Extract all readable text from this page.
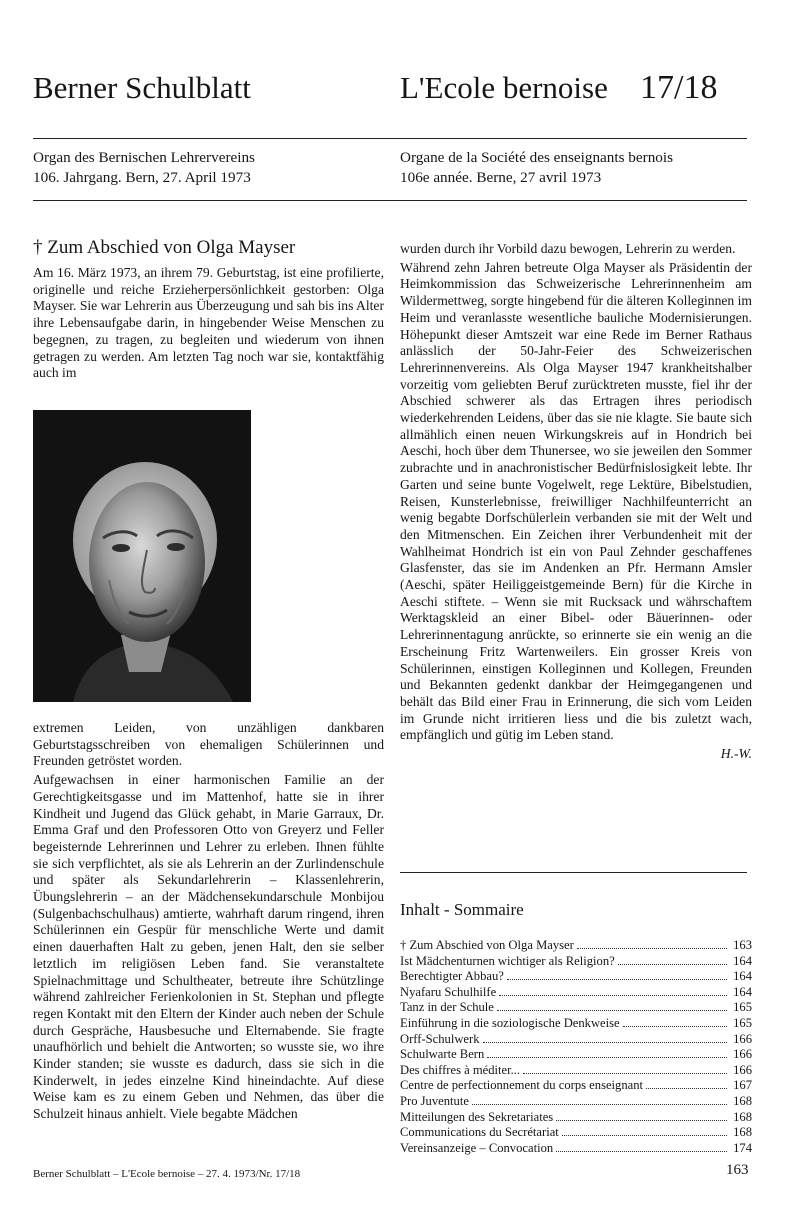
Berner Schulblatt	L'Ecole bernoise 17/18
Organ des Bernischen Lehrervereins
106. Jahrgang. Bern, 27. April 1973
Organe de la Société des enseignants bernois
106e année. Berne, 27 avril 1973
† Zum Abschied von Olga Mayser

Am 16. März 1973, an ihrem 79. Geburtstag, ist eine profilierte, originelle und reiche Erzieherpersönlichkeit gestorben: Olga Mayser. Sie war Lehrerin aus Überzeugung und sah bis ins Alter ihre Lebensaufgabe darin, in hingebender Weise Menschen zu begegnen, zu tragen, zu begleiten und wiederum von ihnen getragen zu werden. Am letzten Tag noch war sie, kontaktfähig auch im

extremen Leiden, von unzähligen dankbaren Geburtstagsschreiben von ehemaligen Schülerinnen und Freunden getröstet worden.

Aufgewachsen in einer harmonischen Familie an der Gerechtigkeitsgasse und im Mattenhof, hatte sie in ihrer Kindheit und Jugend das Glück gehabt, in Marie Garraux, Dr. Emma Graf und den Professoren Otto von Greyerz und Feller begeisternde Lehrerinnen und Lehrer zu erleben. Ihnen fühlte sie sich verpflichtet, als sie als Lehrerin an der Zurlindenschule und später als Sekundarlehrerin – Klassenlehrerin, Übungslehrerin – an der Mädchensekundarschule Monbijou (Sulgenbachschulhaus) amtierte, wahrhaft darum ringend, ihren Schülerinnen ein Gespür für menschliche Werte und damit einen dauerhaften Halt zu geben, jenen Halt, den sie selber letztlich im religiösen Leben fand. Sie veranstaltete Spielnachmittage und Schultheater, betreute ihre Schützlinge während zahlreicher Ferienkolonien in St. Stephan und pflegte regen Kontakt mit den Eltern der Kinder auch neben der Schule durch Gespräche, Hausbesuche und Elternabende. Sie fragte unaufhörlich und behielt die Antworten; so wusste sie, wo ihre Kinder standen; sie wusste es dadurch, dass sie sich in die Kinderwelt, in jedes einzelne Kind hineindachte. Auf diese Weise kam es zu einem Geben und Nehmen, das über die Schulzeit hinaus anhielt. Viele begabte Mädchen

wurden durch ihr Vorbild dazu bewogen, Lehrerin zu werden.

Während zehn Jahren betreute Olga Mayser als Präsidentin der Heimkommission das Schweizerische Lehrerinnenheim am Wildermettweg, sorgte hingebend für die älteren Kolleginnen im Heim und veranlasste wesentliche bauliche Modernisierungen. Höhepunkt dieser Amtszeit war eine Rede im Berner Rathaus anlässlich der 50-Jahr-Feier des Schweizerischen Lehrerinnenvereins. Als Olga Mayser 1947 krankheitshalber vorzeitig vom geliebten Beruf zurücktreten musste, fiel ihr der Abschied schwerer als das Ertragen ihres periodisch wiederkehrenden Leidens, über das sie nie klagte. Sie baute sich allmählich einen neuen Wirkungskreis auf in Hondrich bei Aeschi, hoch über dem Thunersee, wo sie jeweilen den Sommer zubrachte und in anachronistischer Bedürfnislosigkeit lebte. Ihr Garten und seine bunte Vogelwelt, rege Lektüre, Bibelstudien, Reisen, Kunsterlebnisse, freiwilliger Nachhilfeunterricht an wenig begabte Dorfschülerlein verbanden sie mit der Welt und den Mitmenschen. Ein Zeichen ihrer Verbundenheit mit der Wahlheimat Hondrich ist ein von Paul Zehnder geschaffenes Glasfenster, das sie im Andenken an Pfr. Hermann Amsler (Aeschi, später Heiliggeistgemeinde Bern) für die Kirche in Aeschi stiftete. – Wenn sie mit Rucksack und währschaftem Werktagskleid an einer Bibel- oder Bäuerinnen- oder Lehrerinnentagung anrückte, so erinnerte sie ein wenig an die Erscheinung Fritz Wartenweilers. Ein grosser Kreis von Schülerinnen, einstigen Kolleginnen und Kollegen, Freunden und Bekannten gedenkt dankbar der Heimgegangenen und behält das Bild einer Frau in Erinnerung, die sich vom Leiden im Grunde nicht irritieren liess und die bis zuletzt wach, empfänglich und gütig im Leben stand.

H.-W.
Inhalt - Sommaire
† Zum Abschied von Olga Mayser	163
Ist Mädchenturnen wichtiger als Religion?	164
Berechtigter Abbau?	164
Nyafaru Schulhilfe	164
Tanz in der Schule	165
Einführung in die soziologische Denkweise	165
Orff-Schulwerk	166
Schulwarte Bern	166
Des chiffres à méditer...	166
Centre de perfectionnement du corps enseignant	167
Pro Juventute	168
Mitteilungen des Sekretariates	168
Communications du Secrétariat	168
Vereinsanzeige – Convocation	174
Berner Schulblatt – L'Ecole bernoise – 27. 4. 1973/Nr. 17/18	163
